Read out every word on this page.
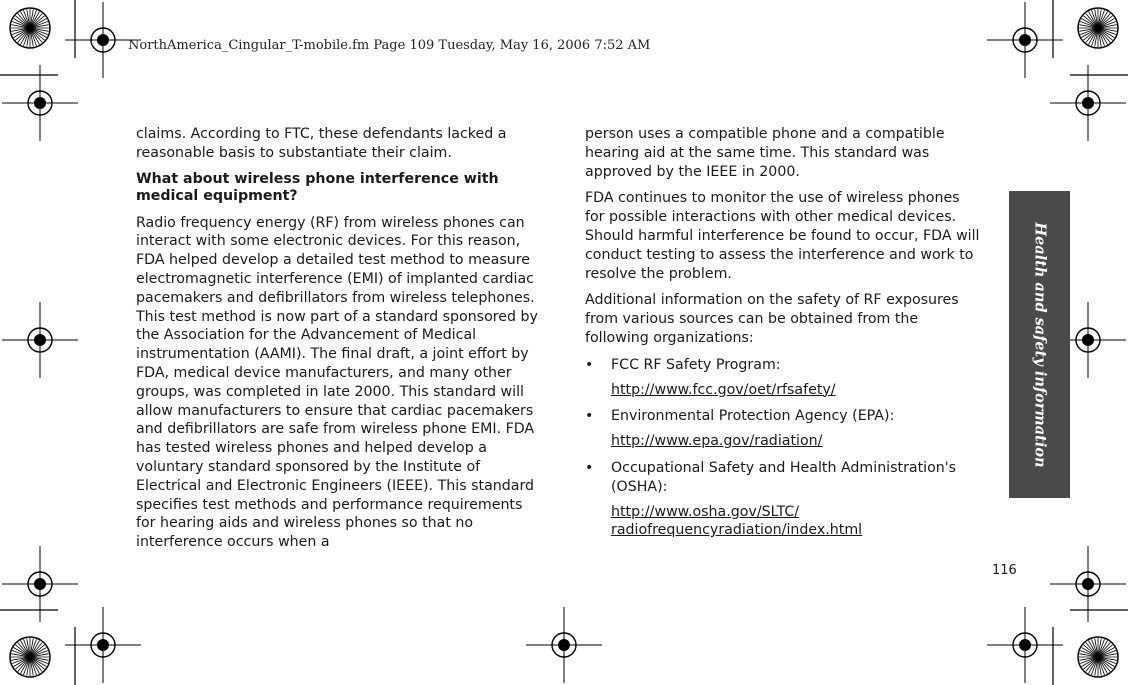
NorthAmerica_Cingular_T-mobile.fm Page 109 Tuesday, May 16, 2006 7:52 AM

claims. According to FTC, these defendants lacked a reasonable basis to substantiate their claim.

What about wireless phone interference with medical equipment?

Radio frequency energy (RF) from wireless phones can interact with some electronic devices. For this reason, FDA helped develop a detailed test method to measure electromagnetic interference (EMI) of implanted cardiac pacemakers and defibrillators from wireless telephones. This test method is now part of a standard sponsored by the Association for the Advancement of Medical instrumentation (AAMI). The final draft, a joint effort by FDA, medical device manufacturers, and many other groups, was completed in late 2000. This standard will allow manufacturers to ensure that cardiac pacemakers and defibrillators are safe from wireless phone EMI. FDA has tested wireless phones and helped develop a voluntary standard sponsored by the Institute of Electrical and Electronic Engineers (IEEE). This standard specifies test methods and performance requirements for hearing aids and wireless phones so that no interference occurs when a

person uses a compatible phone and a compatible hearing aid at the same time. This standard was approved by the IEEE in 2000.

FDA continues to monitor the use of wireless phones for possible interactions with other medical devices. Should harmful interference be found to occur, FDA will conduct testing to assess the interference and work to resolve the problem.

Additional information on the safety of RF exposures from various sources can be obtained from the following organizations:

•	FCC RF Safety Program:
http://www.fcc.gov/oet/rfsafety/
•	Environmental Protection Agency (EPA):
http://www.epa.gov/radiation/
•	Occupational Safety and Health Administration's (OSHA):
http://www.osha.gov/SLTC/ radiofrequencyradiation/index.html
Health and safety information
116
